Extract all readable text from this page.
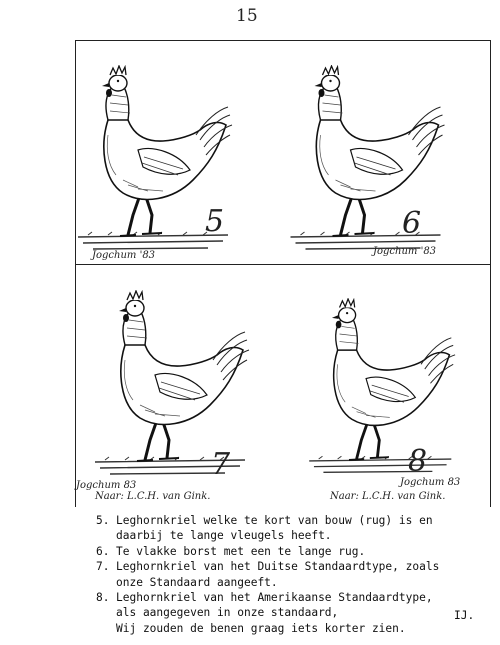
15
5
Jogchum '83
6
Jogchum '83
7
Jogchum 83
Naar: L.C.H. van Gink.
8
Jogchum 83
Naar: L.C.H. van Gink.
5. Leghornkriel welke te kort van bouw (rug) is en
daarbij te lange vleugels heeft.
6. Te vlakke borst met een te lange rug.
7. Leghornkriel van het Duitse Standaardtype, zoals
onze Standaard aangeeft.
8. Leghornkriel van het Amerikaanse Standaardtype,
als aangegeven in onze standaard,
Wij zouden de benen graag iets korter zien.
IJ.
